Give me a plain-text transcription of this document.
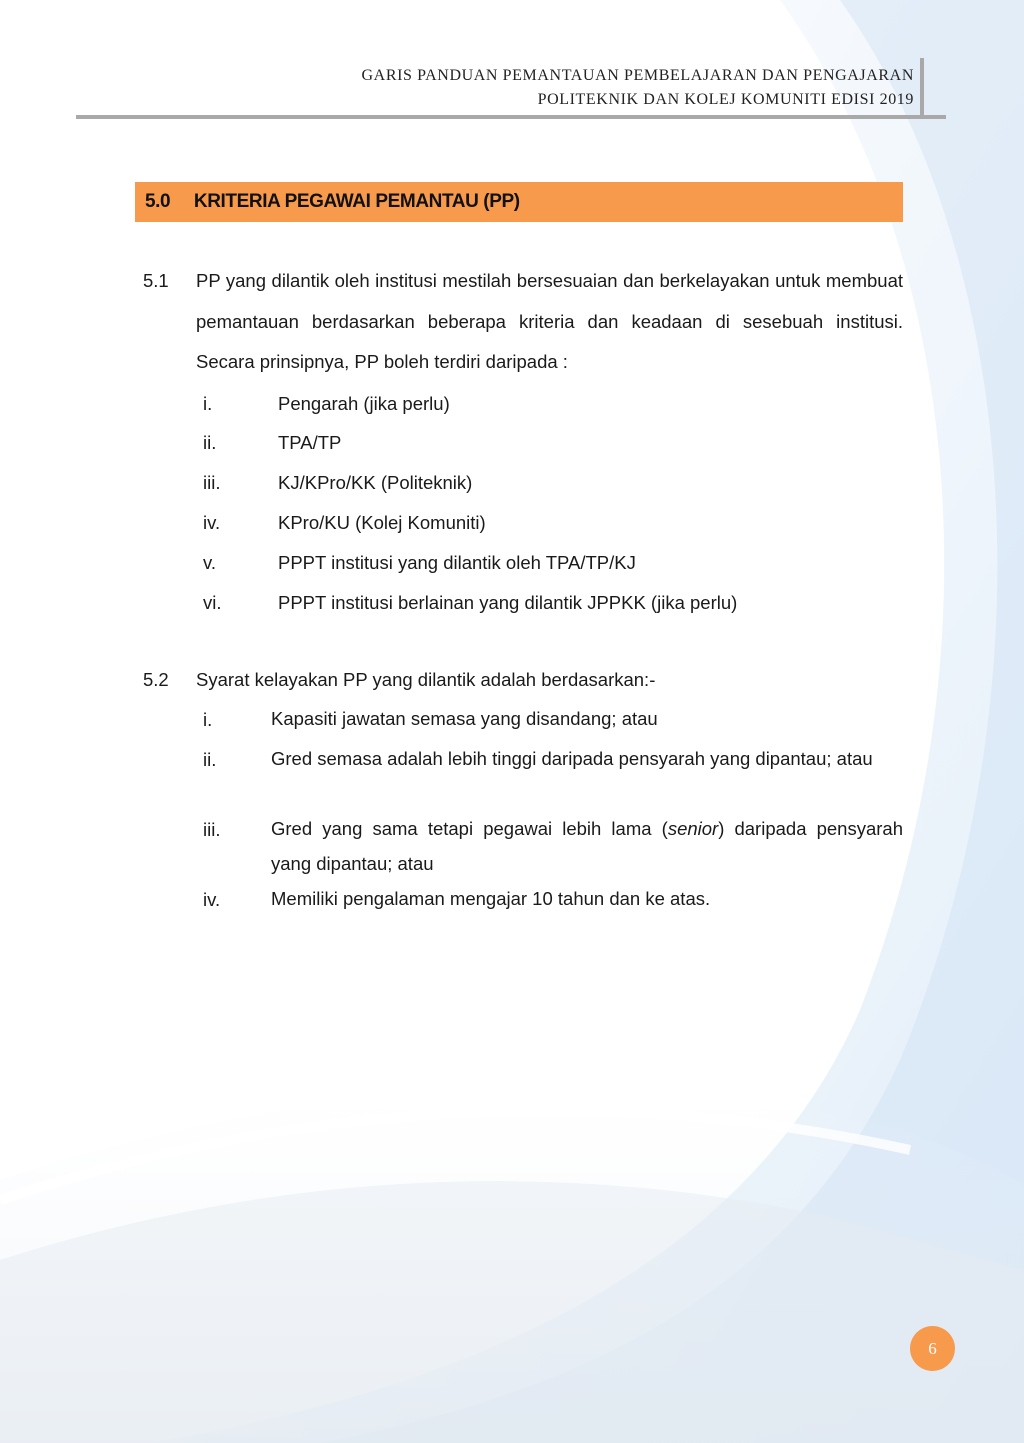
GARIS PANDUAN PEMANTAUAN PEMBELAJARAN DAN PENGAJARAN
POLITEKNIK DAN KOLEJ KOMUNITI EDISI 2019
5.0 KRITERIA PEGAWAI PEMANTAU (PP)
5.1 PP yang dilantik oleh institusi mestilah bersesuaian dan berkelayakan untuk membuat pemantauan berdasarkan beberapa kriteria dan keadaan di sesebuah institusi. Secara prinsipnya, PP boleh terdiri daripada :
i.	Pengarah (jika perlu)
ii.	TPA/TP
iii.	KJ/KPro/KK (Politeknik)
iv.	KPro/KU (Kolej Komuniti)
v.	PPPT institusi yang dilantik oleh TPA/TP/KJ
vi.	PPPT institusi berlainan yang dilantik JPPKK (jika perlu)
5.2 Syarat kelayakan PP yang dilantik adalah berdasarkan:-
i.	Kapasiti jawatan semasa yang disandang; atau
ii.	Gred semasa adalah lebih tinggi daripada pensyarah yang dipantau; atau
iii.	Gred yang sama tetapi pegawai lebih lama (senior) daripada pensyarah yang dipantau; atau
iv.	Memiliki pengalaman mengajar 10 tahun dan ke atas.
6
